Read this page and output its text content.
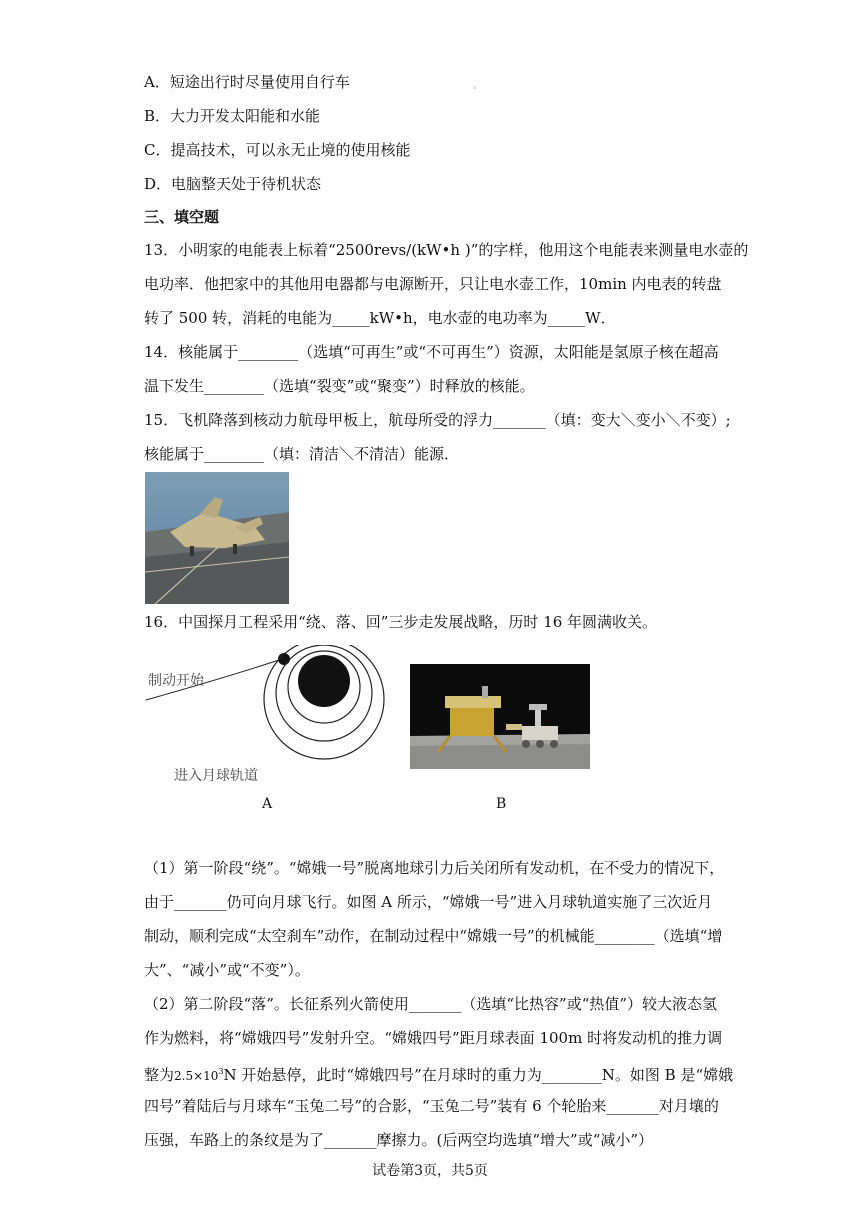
A．短途出行时尽量使用自行车	。
B．大力开发太阳能和水能
C．提高技术，可以永无止境的使用核能
D．电脑整天处于待机状态
三、填空题
13．小明家的电能表上标着“2500revs/(kW•h )”的字样，他用这个电能表来测量电水壶的
电功率．他把家中的其他用电器都与电源断开，只让电水壶工作，10min 内电表的转盘
转了 500 转，消耗的电能为_____kW•h，电水壶的电功率为_____W．
14．核能属于________（选填“可再生”或“不可再生”）资源，太阳能是氢原子核在超高
温下发生________（选填“裂变”或“聚变”）时释放的核能。
15．飞机降落到核动力航母甲板上，航母所受的浮力_______（填：变大＼变小＼不变）;
核能属于________（填：清洁＼不清洁）能源．
16．中国探月工程采用“绕、落、回”三步走发展战略，历时 16 年圆满收关。
制动开始
进入月球轨道
A	B
（1）第一阶段“绕”。“嫦娥一号”脱离地球引力后关闭所有发动机，在不受力的情况下，
由于_______仍可向月球飞行。如图 A 所示，“嫦娥一号”进入月球轨道实施了三次近月
制动，顺利完成“太空刹车”动作，在制动过程中“嫦娥一号”的机械能________（选填“增
大”、“减小”或“不变”）。
（2）第二阶段“落”。长征系列火箭使用_______（选填“比热容”或“热值”）较大液态氢
作为燃料，将“嫦娥四号”发射升空。“嫦娥四号”距月球表面 100m 时将发动机的推力调
整为$2.5\times 10^3N$ 开始悬停，此时“嫦娥四号”在月球时的重力为________N。如图 B 是“嫦娥
四号”着陆后与月球车“玉兔二号”的合影，“玉兔二号”装有 6 个轮胎来_______对月壤的
压强，车路上的条纹是为了_______摩擦力。(后两空均选填“增大”或“减小”）
试卷第3页，共5页
